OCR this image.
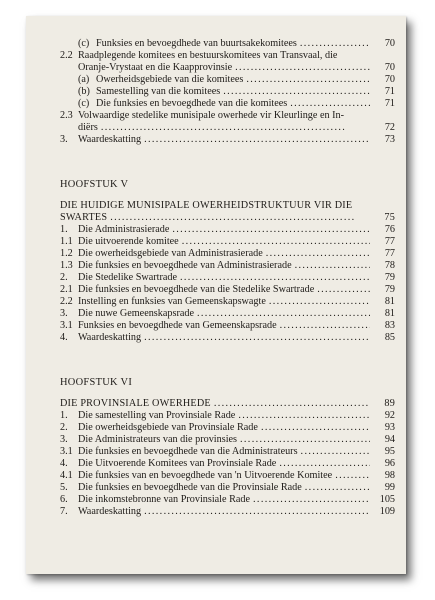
(c) Funksies en bevoegdhede van buurtsakekomitees . . .	70
2.2 Raadplegende komitees en bestuurskomitees van Transvaal, die
Oranje-Vrystaat en die Kaapprovinsie . . .	70
(a) Owerheidsgebiede van die komitees . . .	70
(b) Samestelling van die komitees . . .	71
(c) Die funksies en bevoegdhede van die komitees . . .	71
2.3 Volwaardige stedelike munisipale owerhede vir Kleurlinge en In-
diërs . . .	72
3.	Waardeskatting . . .	73
HOOFSTUK V
DIE HUIDIGE MUNISIPALE OWERHEIDSTRUKTUUR VIR DIE
SWARTES . . .	75
1.	Die Administrasierade . . .	76
1.1 Die uitvoerende komitee . . .	77
1.2 Die owerheidsgebiede van Administrasierade . . .	77
1.3 Die funksies en bevoegdhede van Administrasierade . . .	78
2.	Die Stedelike Swartrade . . .	79
2.1 Die funksies en bevoegdhede van die Stedelike Swartrade . . .	79
2.2 Instelling en funksies van Gemeenskapswagte . . .	81
3.	Die nuwe Gemeenskapsrade . . .	81
3.1 Funksies en bevoegdhede van Gemeenskapsrade . . .	83
4.	Waardeskatting . . .	85
HOOFSTUK VI
DIE PROVINSIALE OWERHEDE . . .	89
1.	Die samestelling van Provinsiale Rade . . .	92
2.	Die owerheidsgebiede van Provinsiale Rade . . .	93
3.	Die Administrateurs van die provinsies . . .	94
3.1 Die funksies en bevoegdhede van die Administrateurs . . .	95
4.	Die Uitvoerende Komitees van Provinsiale Rade . . .	96
4.1 Die funksies van en bevoegdhede van 'n Uitvoerende Komitee . . .	98
5.	Die funksies en bevoegdhede van die Provinsiale Rade . . .	99
6.	Die inkomstebronne van Provinsiale Rade . . .	105
7.	Waardeskatting . . .	109
